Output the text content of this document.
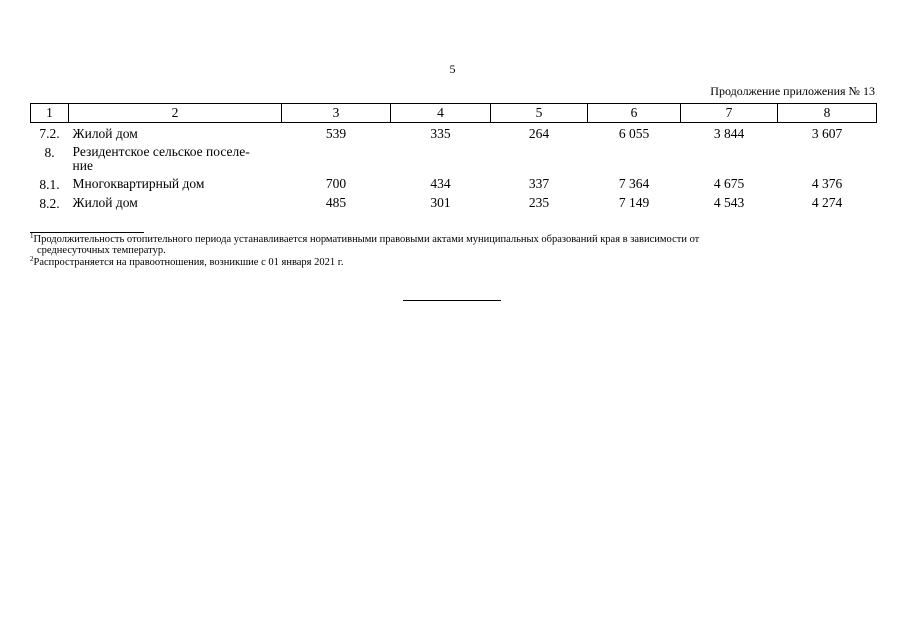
5
Продолжение приложения № 13
1	2	3	4	5	6	7	8
7.2.	Жилой дом	539	335	264	6 055	3 844	3 607
8.	Резидентское сельское поселе-
ние						
8.1.	Многоквартирный дом	700	434	337	7 364	4 675	4 376
8.2.	Жилой дом	485	301	235	7 149	4 543	4 274
$^1$Продолжительность отопительного периода устанавливается нормативными правовыми актами муниципальных образований края в зависимости от
среднесуточных температур.
$^2$Распространяется на правоотношения, возникшие с 01 января 2021 г.
